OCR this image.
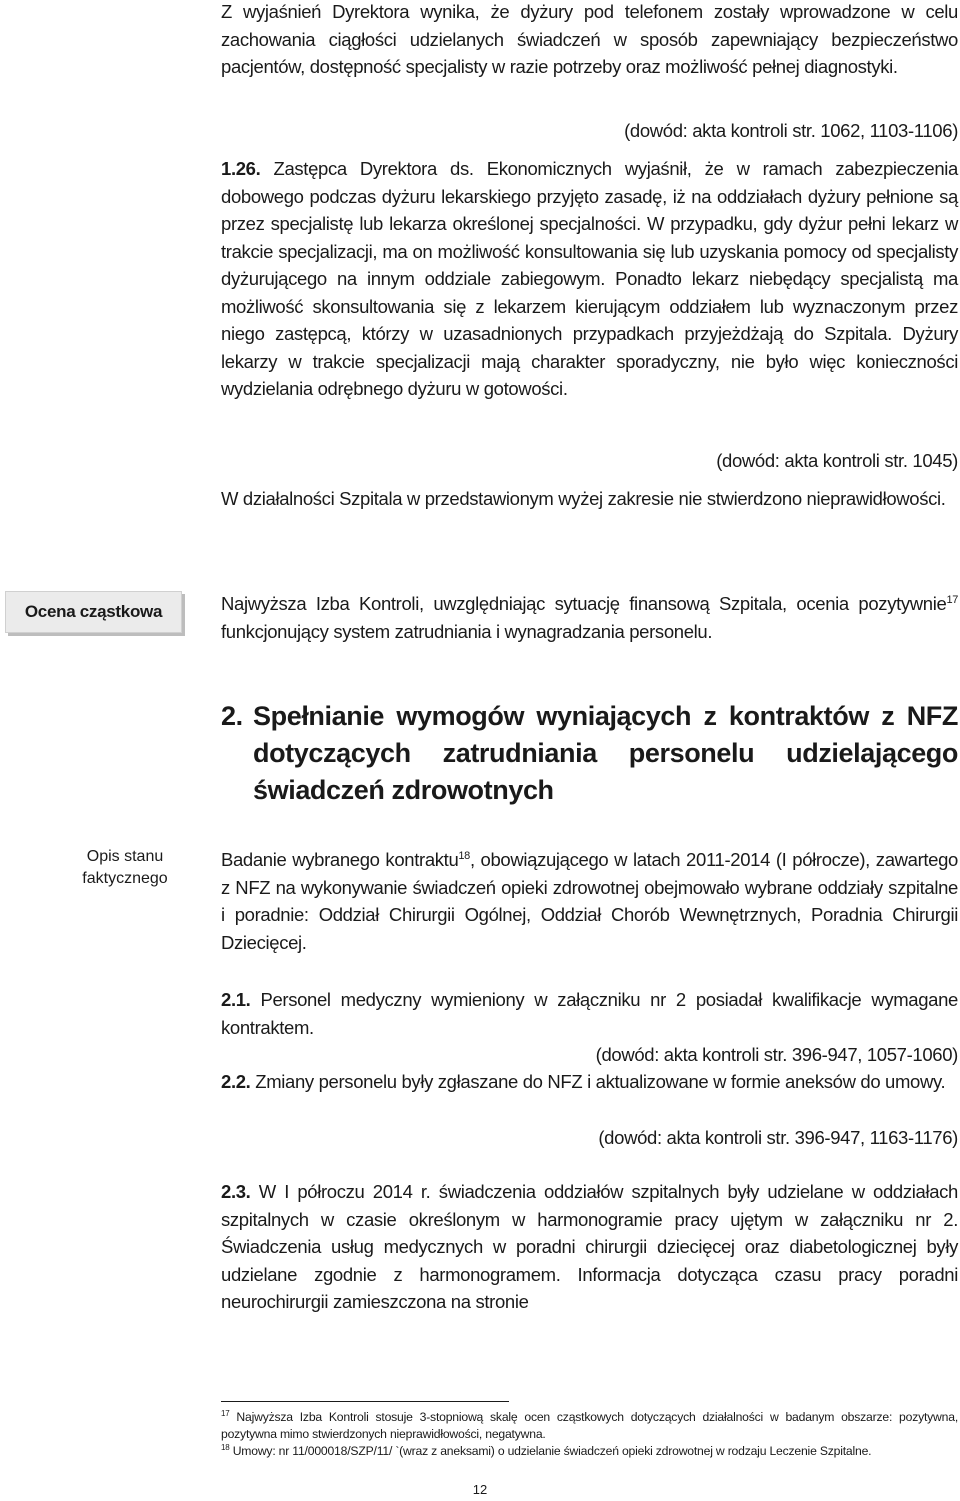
Z wyjaśnień Dyrektora wynika, że dyżury pod telefonem zostały wprowadzone w celu zachowania ciągłości udzielanych świadczeń w sposób zapewniający bezpieczeństwo pacjentów, dostępność specjalisty w razie potrzeby oraz możliwość pełnej diagnostyki.
(dowód: akta kontroli str. 1062, 1103-1106)
1.26. Zastępca Dyrektora ds. Ekonomicznych wyjaśnił, że w ramach zabezpieczenia dobowego podczas dyżuru lekarskiego przyjęto zasadę, iż na oddziałach dyżury pełnione są przez specjalistę lub lekarza określonej specjalności. W przypadku, gdy dyżur pełni lekarz w trakcie specjalizacji, ma on możliwość konsultowania się lub uzyskania pomocy od specjalisty dyżurującego na innym oddziale zabiegowym. Ponadto lekarz niebędący specjalistą ma możliwość skonsultowania się z lekarzem kierującym oddziałem lub wyznaczonym przez niego zastępcą, którzy w uzasadnionych przypadkach przyjeżdżają do Szpitala. Dyżury lekarzy w trakcie specjalizacji mają charakter sporadyczny, nie było więc konieczności wydzielania odrębnego dyżuru w gotowości.
(dowód: akta kontroli str. 1045)
W działalności Szpitala w przedstawionym wyżej zakresie nie stwierdzono nieprawidłowości.
Ocena cząstkowa	Najwyższa Izba Kontroli, uwzględniając sytuację finansową Szpitala, ocenia pozytywnie$^{17}$ funkcjonujący system zatrudniania i wynagradzania personelu.
2. Spełnianie wymogów wyniających z kontraktów z NFZ
dotyczących zatrudniania personelu udzielającego
świadczeń zdrowotnych
Opis stanu
faktycznego
Badanie wybranego kontraktu$^{18}$, obowiązującego w latach 2011-2014 (I półrocze), zawartego z NFZ na wykonywanie świadczeń opieki zdrowotnej obejmowało wybrane oddziały szpitalne i poradnie: Oddział Chirurgii Ogólnej, Oddział Chorób Wewnętrznych, Poradnia Chirurgii Dziecięcej.
2.1. Personel medyczny wymieniony w załączniku nr 2 posiadał kwalifikacje wymagane kontraktem.
(dowód: akta kontroli str. 396-947, 1057-1060)
2.2. Zmiany personelu były zgłaszane do NFZ i aktualizowane w formie aneksów do umowy.
(dowód: akta kontroli str. 396-947, 1163-1176)
2.3. W I półroczu 2014 r. świadczenia oddziałów szpitalnych były udzielane w oddziałach szpitalnych w czasie określonym w harmonogramie pracy ujętym w załączniku nr 2. Świadczenia usług medycznych w poradni chirurgii dziecięcej oraz diabetologicznej były udzielane zgodnie z harmonogramem. Informacja dotycząca czasu pracy poradni neurochirurgii zamieszczona na stronie
$^{17}$ Najwyższa Izba Kontroli stosuje 3-stopniową skalę ocen cząstkowych dotyczących działalności w badanym obszarze: pozytywna, pozytywna mimo stwierdzonych nieprawidłowości, negatywna.
$^{18}$ Umowy: nr 11/000018/SZP/11/ `(wraz z aneksami) o udzielanie świadczeń opieki zdrowotnej w rodzaju Leczenie Szpitalne.
12
